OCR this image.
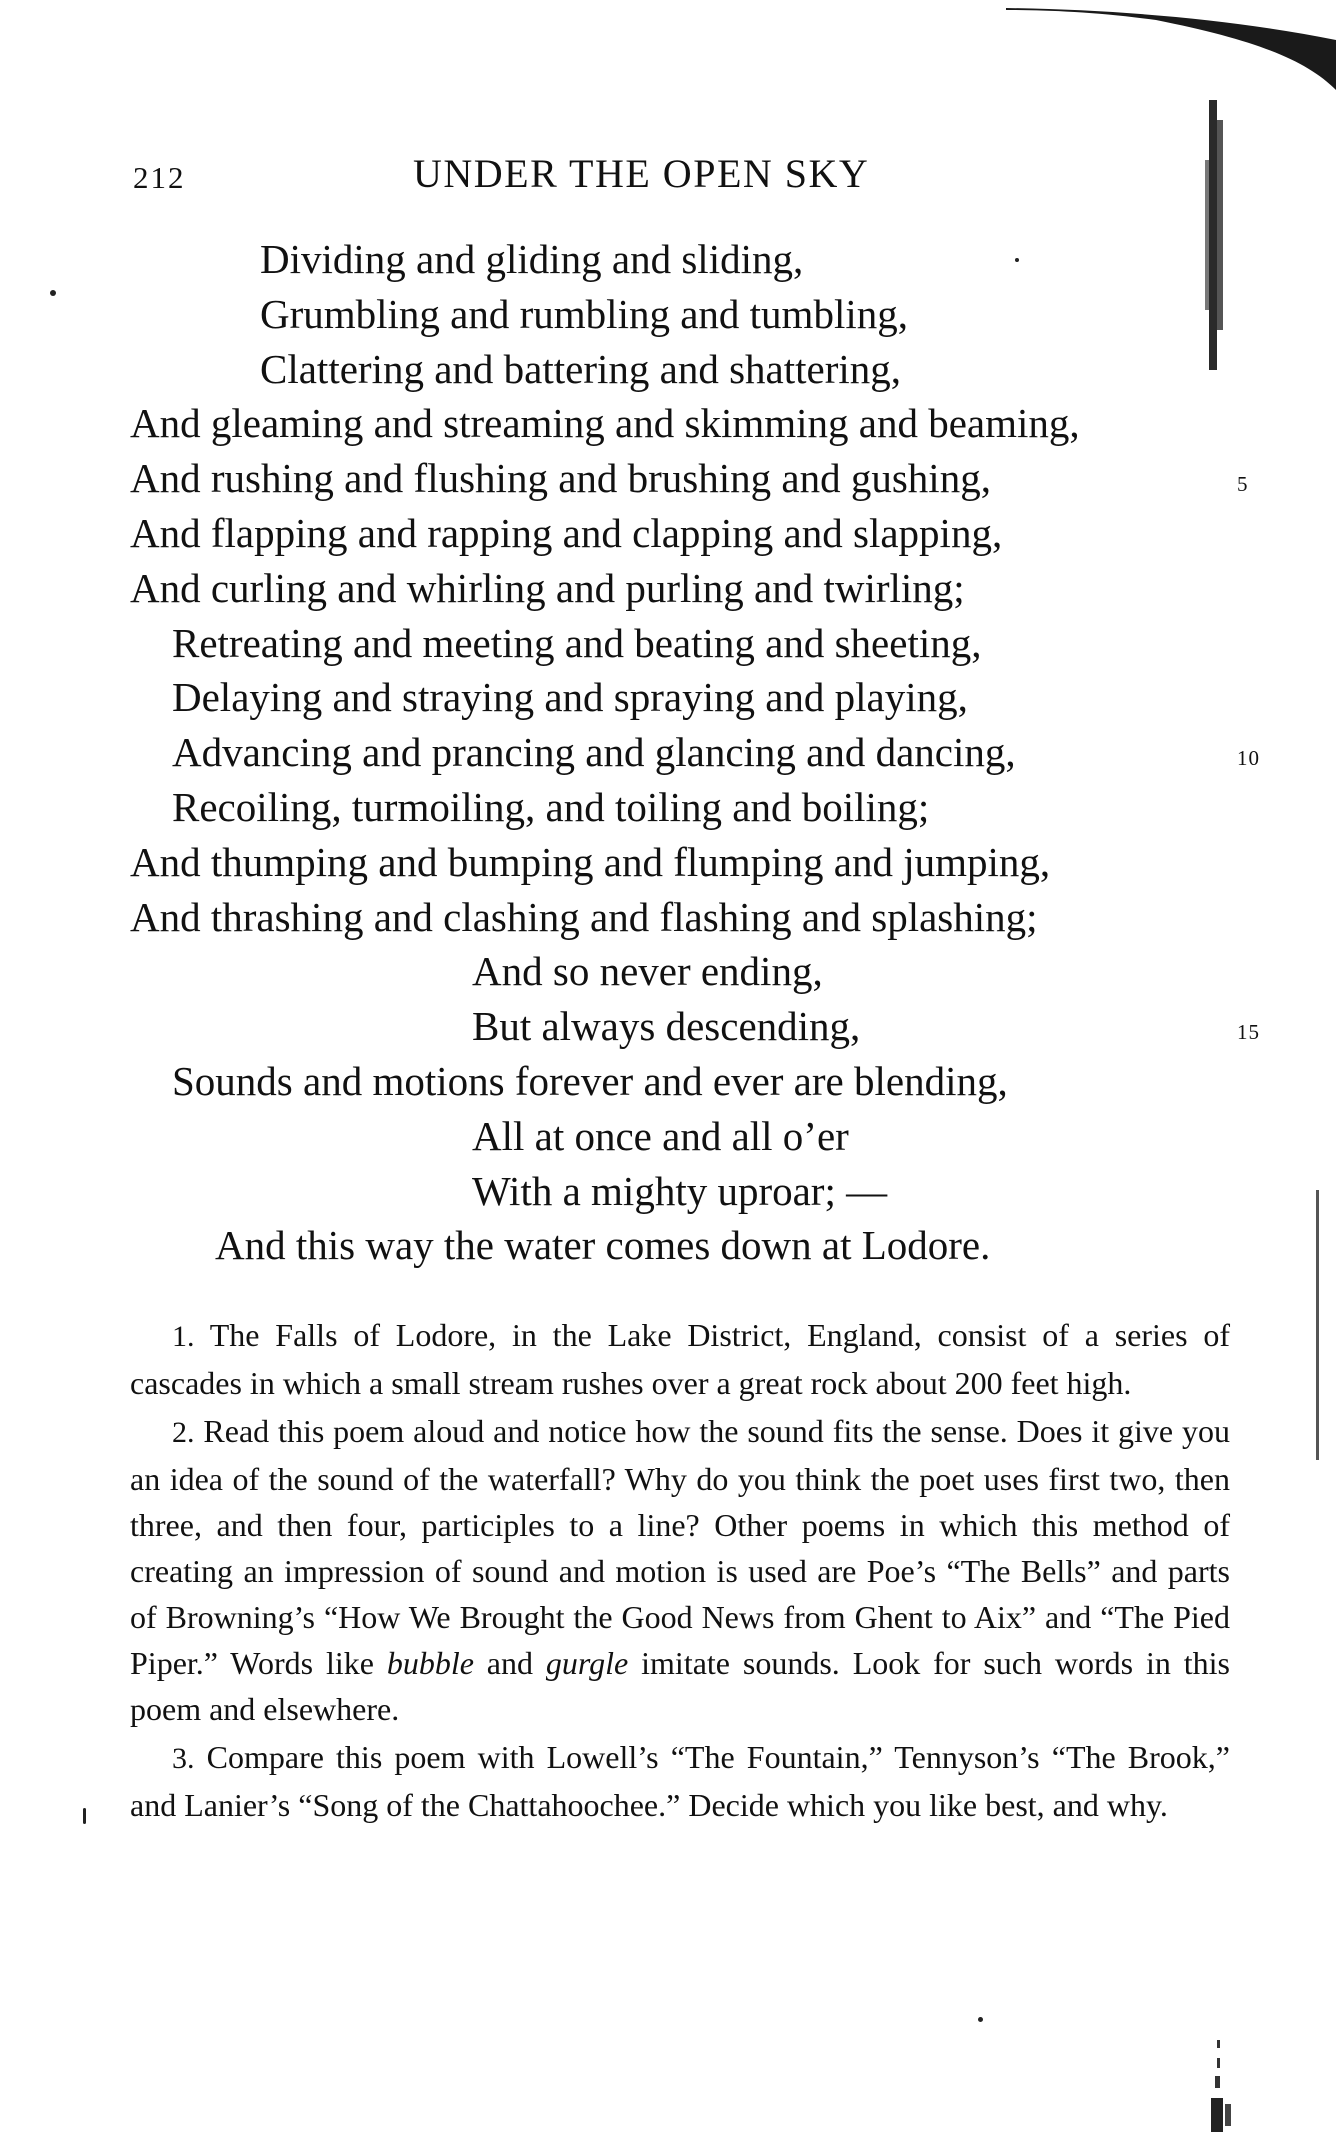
212	UNDER THE OPEN SKY
Dividing and gliding and sliding,
Grumbling and rumbling and tumbling,
Clattering and battering and shattering,
And gleaming and streaming and skimming and beaming,
And rushing and flushing and brushing and gushing,	5
And flapping and rapping and clapping and slapping,
And curling and whirling and purling and twirling;
Retreating and meeting and beating and sheeting,
Delaying and straying and spraying and playing,
Advancing and prancing and glancing and dancing,	10
Recoiling, turmoiling, and toiling and boiling;
And thumping and bumping and flumping and jumping,
And thrashing and clashing and flashing and splashing;
And so never ending,
But always descending,	15
Sounds and motions forever and ever are blending,
All at once and all o’er
With a mighty uproar; —
And this way the water comes down at Lodore.

1. The Falls of Lodore, in the Lake District, England, consist of a series of cascades in which a small stream rushes over a great rock about 200 feet high.

2. Read this poem aloud and notice how the sound fits the sense. Does it give you an idea of the sound of the waterfall? Why do you think the poet uses first two, then three, and then four, participles to a line? Other poems in which this method of creating an impression of sound and motion is used are Poe’s “The Bells” and parts of Browning’s “How We Brought the Good News from Ghent to Aix” and “The Pied Piper.” Words like bubble and gurgle imitate sounds. Look for such words in this poem and elsewhere.

3. Compare this poem with Lowell’s “The Fountain,” Tennyson’s “The Brook,” and Lanier’s “Song of the Chattahoochee.” Decide which you like best, and why.
